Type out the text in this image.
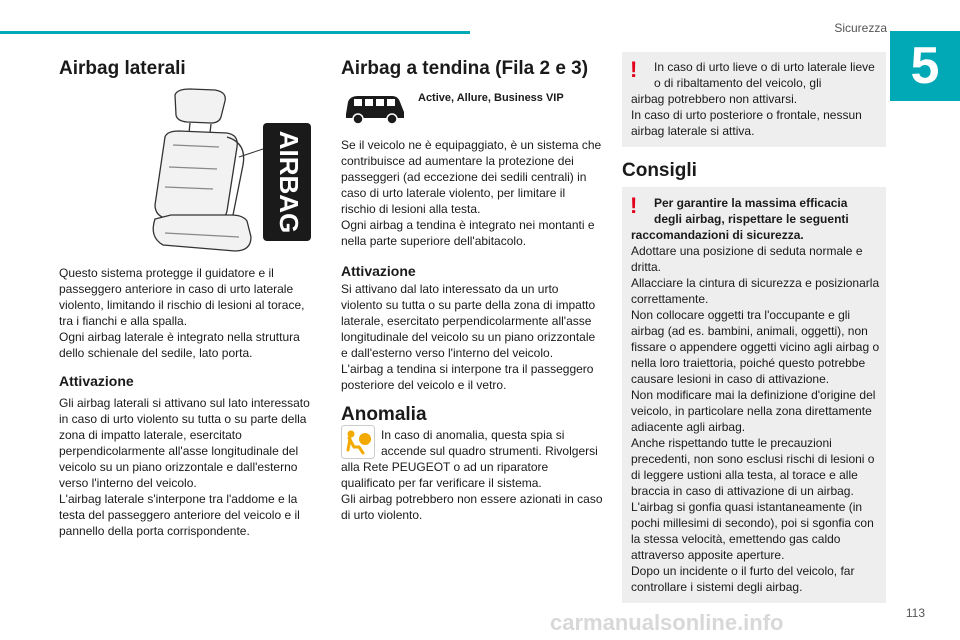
Sicurezza
5
Airbag laterali
AIRBAG
Questo sistema protegge il guidatore e il passeggero anteriore in caso di urto laterale violento, limitando il rischio di lesioni al torace, tra i fianchi e alla spalla.
Ogni airbag laterale è integrato nella struttura dello schienale del sedile, lato porta.
Attivazione
Gli airbag laterali si attivano sul lato interessato in caso di urto violento su tutta o su parte della zona di impatto laterale, esercitato perpendicolarmente all'asse longitudinale del veicolo su un piano orizzontale e dall'esterno verso l'interno del veicolo.
L'airbag laterale s'interpone tra l'addome e la testa del passeggero anteriore del veicolo e il pannello della porta corrispondente.
Airbag a tendina (Fila 2 e 3)
Active, Allure, Business VIP
Se il veicolo ne è equipaggiato, è un sistema che contribuisce ad aumentare la protezione dei passeggeri (ad eccezione dei sedili centrali) in caso di urto laterale violento, per limitare il rischio di lesioni alla testa.
Ogni airbag a tendina è integrato nei montanti e nella parte superiore dell'abitacolo.
Attivazione
Si attivano dal lato interessato da un urto violento su tutta o su parte della zona di impatto laterale, esercitato perpendicolarmente all'asse longitudinale del veicolo su un piano orizzontale e dall'esterno verso l'interno del veicolo.
L'airbag a tendina si interpone tra il passeggero posteriore del veicolo e il vetro.
Anomalia
In caso di anomalia, questa spia si accende sul quadro strumenti. Rivolgersi
alla Rete PEUGEOT o ad un riparatore qualificato per far verificare il sistema.
Gli airbag potrebbero non essere azionati in caso di urto violento.
! In caso di urto lieve o di urto laterale lieve o di ribaltamento del veicolo, gli
airbag potrebbero non attivarsi.
In caso di urto posteriore o frontale, nessun airbag laterale si attiva.
Consigli
! Per garantire la massima efficacia degli airbag, rispettare le seguenti
raccomandazioni di sicurezza.
Adottare una posizione di seduta normale e dritta.
Allacciare la cintura di sicurezza e posizionarla correttamente.
Non collocare oggetti tra l'occupante e gli airbag (ad es. bambini, animali, oggetti), non fissare o appendere oggetti vicino agli airbag o nella loro traiettoria, poiché questo potrebbe causare lesioni in caso di attivazione.
Non modificare mai la definizione d'origine del veicolo, in particolare nella zona direttamente adiacente agli airbag.
Anche rispettando tutte le precauzioni precedenti, non sono esclusi rischi di lesioni o di leggere ustioni alla testa, al torace e alle braccia in caso di attivazione di un airbag.
L'airbag si gonfia quasi istantaneamente (in pochi millesimi di secondo), poi si sgonfia con la stessa velocità, emettendo gas caldo attraverso apposite aperture.
Dopo un incidente o il furto del veicolo, far controllare i sistemi degli airbag.
carmanualsonline.info	113
